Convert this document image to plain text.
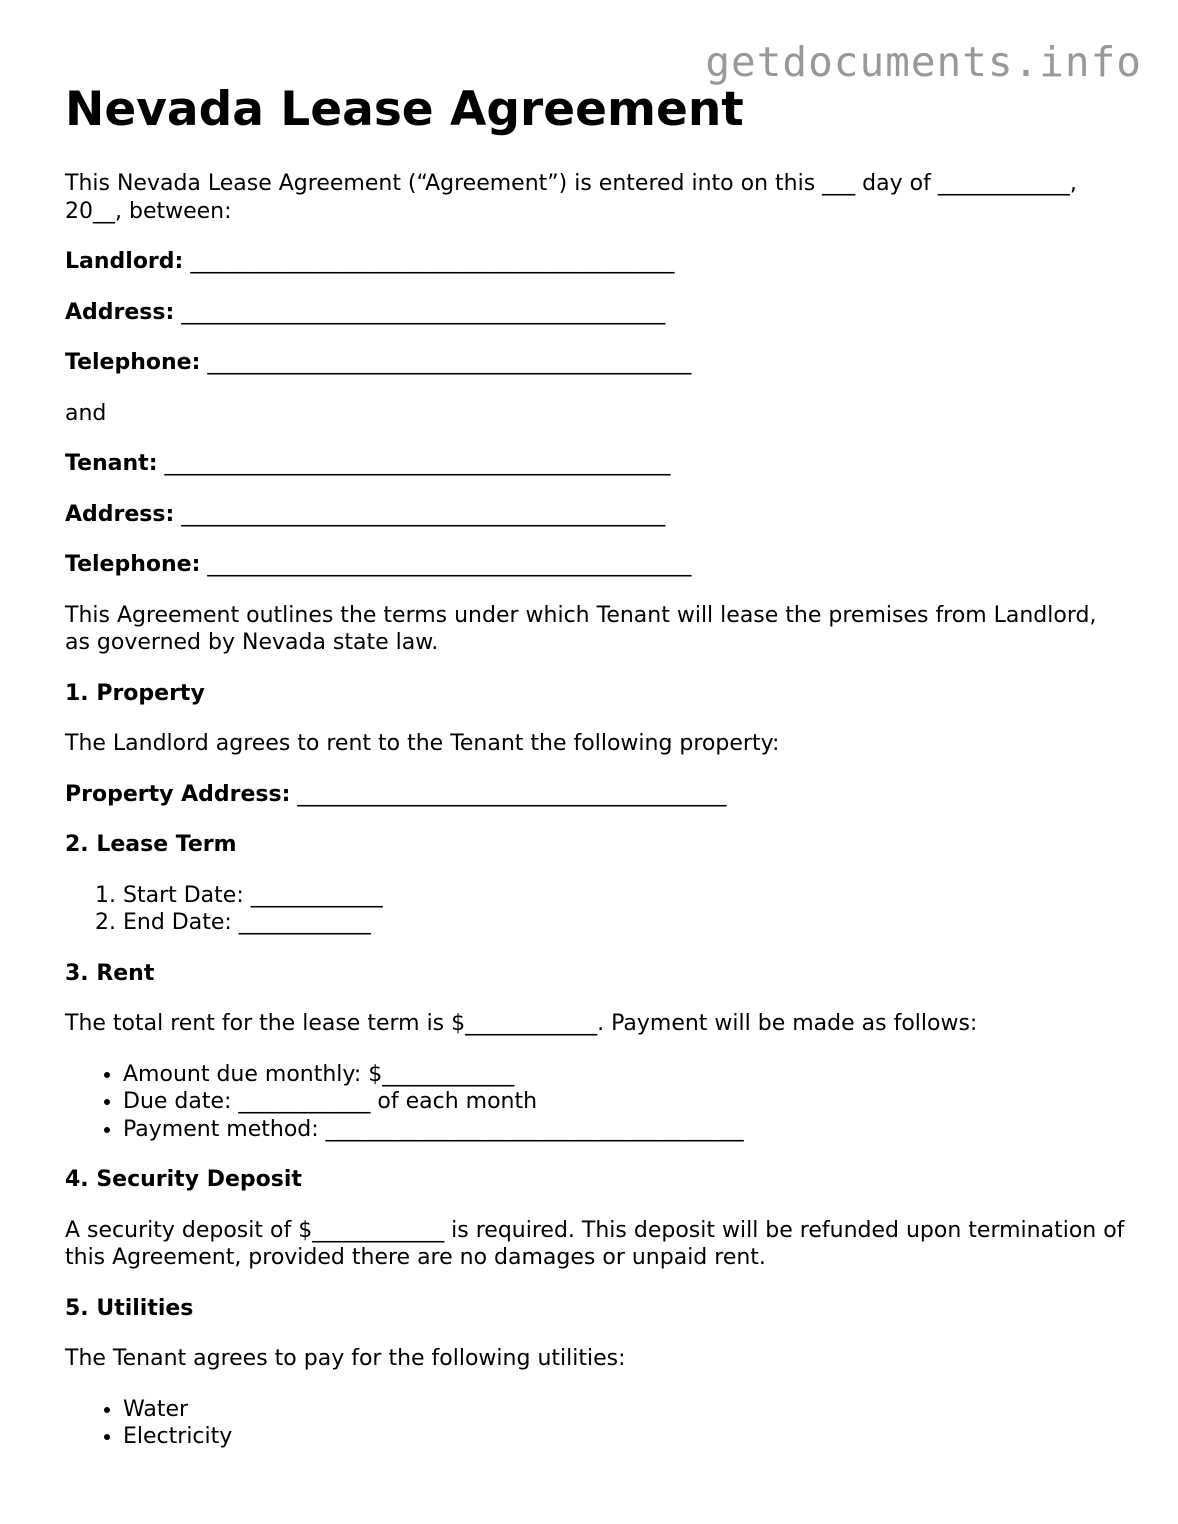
getdocuments.info
Nevada Lease Agreement

This Nevada Lease Agreement (“Agreement”) is entered into on this ___ day of ____________, 20__, between:

Landlord: ____________________________________________
Address: ____________________________________________
Telephone: ____________________________________________

and

Tenant: ______________________________________________
Address: ____________________________________________
Telephone: ____________________________________________

This Agreement outlines the terms under which Tenant will lease the premises from Landlord, as governed by Nevada state law.

1. Property

The Landlord agrees to rent to the Tenant the following property:

Property Address: _______________________________________
2. Lease Term
1. Start Date: ____________
2. End Date: ____________
3. Rent

The total rent for the lease term is $____________. Payment will be made as follows:

• Amount due monthly: $____________
• Due date: ____________ of each month
• Payment method: ______________________________________
4. Security Deposit

A security deposit of $____________ is required. This deposit will be refunded upon termination of this Agreement, provided there are no damages or unpaid rent.

5. Utilities

The Tenant agrees to pay for the following utilities:

• Water
• Electricity
